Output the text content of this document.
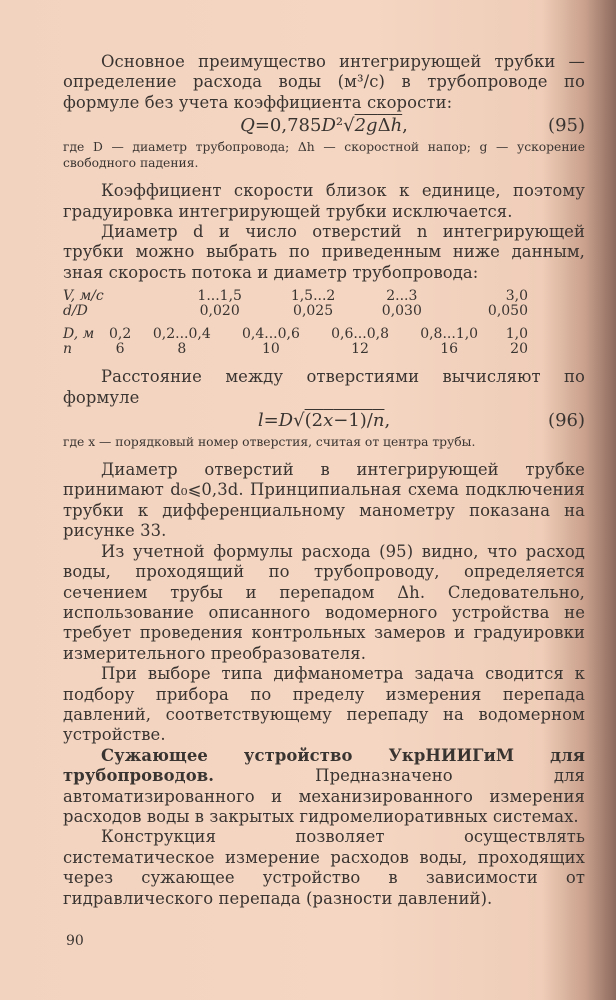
Основное преимущество интегрирующей трубки — определение расхода воды (м³/с) в трубопроводе по формуле без учета коэффициента скорости:

Q=0,785D²√2gΔh,	(95)

где D — диаметр трубопровода; Δh — скоростной напор; g — ускорение свободного падения.

Коэффициент скорости близок к единице, поэтому градуировка интегрирующей трубки исключается.

Диаметр d и число отверстий n интегрирующей трубки можно выбрать по приведенным ниже данным, зная скорость потока и диаметр трубопровода:

V, м/с	1...1,5	1,5...2	2...3	3,0
d/D	0,020	0,025	0,030	0,050
D, м	0,2	0,2...0,4	0,4...0,6	0,6...0,8	0,8...1,0	1,0
n	6	8	10	12	16	20

Расстояние между отверстиями вычисляют по формуле

l=D√(2x−1)/n,	(96)

где x — порядковый номер отверстия, считая от центра трубы.

Диаметр отверстий в интегрирующей трубке принимают d₀⩽0,3d. Принципиальная схема подключения трубки к дифференциальному манометру показана на рисунке 33.

Из учетной формулы расхода (95) видно, что расход воды, проходящий по трубопроводу, определяется сечением трубы и перепадом Δh. Следовательно, использование описанного водомерного устройства не требует проведения контрольных замеров и градуировки измерительного преобразователя.

При выборе типа дифманометра задача сводится к подбору прибора по пределу измерения перепада давлений, соответствующему перепаду на водомерном устройстве.

Сужающее устройство УкрНИИГиМ для трубопроводов. Предназначено для автоматизированного и механизированного измерения расходов воды в закрытых гидромелиоративных системах.

Конструкция позволяет осуществлять систематическое измерение расходов воды, проходящих через сужающее устройство в зависимости от гидравлического перепада (разности давлений).

90
